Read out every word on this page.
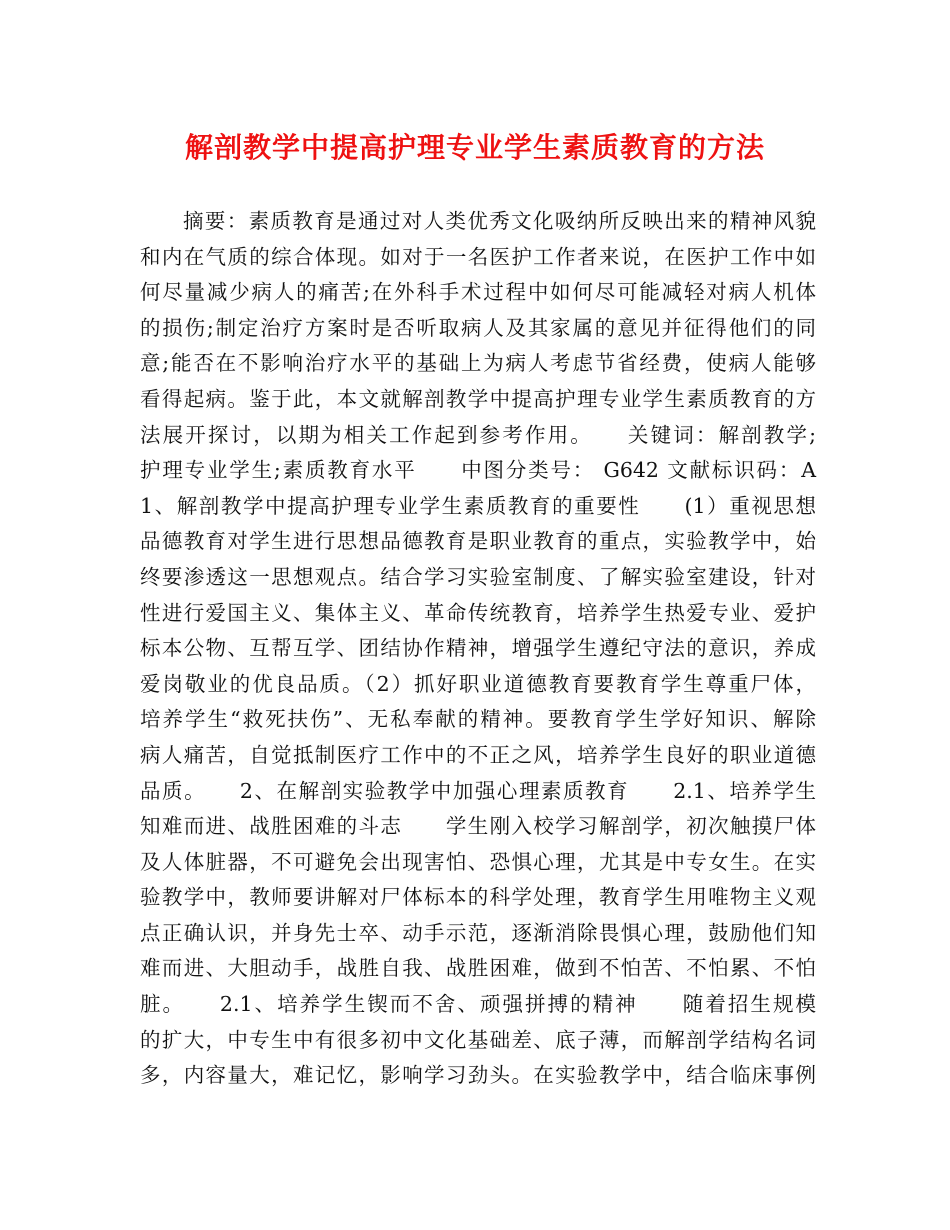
解剖教学中提高护理专业学生素质教育的方法
摘要：素质教育是通过对人类优秀文化吸纳所反映出来的精神风貌
和内在气质的综合体现。如对于一名医护工作者来说，在医护工作中如
何尽量减少病人的痛苦;在外科手术过程中如何尽可能减轻对病人机体
的损伤;制定治疗方案时是否听取病人及其家属的意见并征得他们的同
意;能否在不影响治疗水平的基础上为病人考虑节省经费，使病人能够
看得起病。鉴于此，本文就解剖教学中提高护理专业学生素质教育的方
法展开探讨，以期为相关工作起到参考作用。　　关键词：解剖教学;
护理专业学生;素质教育水平　　中图分类号： G642 文献标识码：A
1、解剖教学中提高护理专业学生素质教育的重要性　　(1）重视思想
品德教育对学生进行思想品德教育是职业教育的重点，实验教学中，始
终要渗透这一思想观点。结合学习实验室制度、了解实验室建设，针对
性进行爱国主义、集体主义、革命传统教育，培养学生热爱专业、爱护
标本公物、互帮互学、团结协作精神，增强学生遵纪守法的意识，养成
爱岗敬业的优良品质。（2）抓好职业道德教育要教育学生尊重尸体，
培养学生“救死扶伤”、无私奉献的精神。要教育学生学好知识、解除
病人痛苦，自觉抵制医疗工作中的不正之风，培养学生良好的职业道德
品质。　　2、在解剖实验教学中加强心理素质教育　　2.1、培养学生
知难而进、战胜困难的斗志　　学生刚入校学习解剖学，初次触摸尸体
及人体脏器，不可避免会出现害怕、恐惧心理，尤其是中专女生。在实
验教学中，教师要讲解对尸体标本的科学处理，教育学生用唯物主义观
点正确认识，并身先士卒、动手示范，逐渐消除畏惧心理，鼓励他们知
难而进、大胆动手，战胜自我、战胜困难，做到不怕苦、不怕累、不怕
脏。　　2.1、培养学生锲而不舍、顽强拼搏的精神　　随着招生规模
的扩大，中专生中有很多初中文化基础差、底子薄，而解剖学结构名词
多，内容量大，难记忆，影响学习劲头。在实验教学中，结合临床事例
